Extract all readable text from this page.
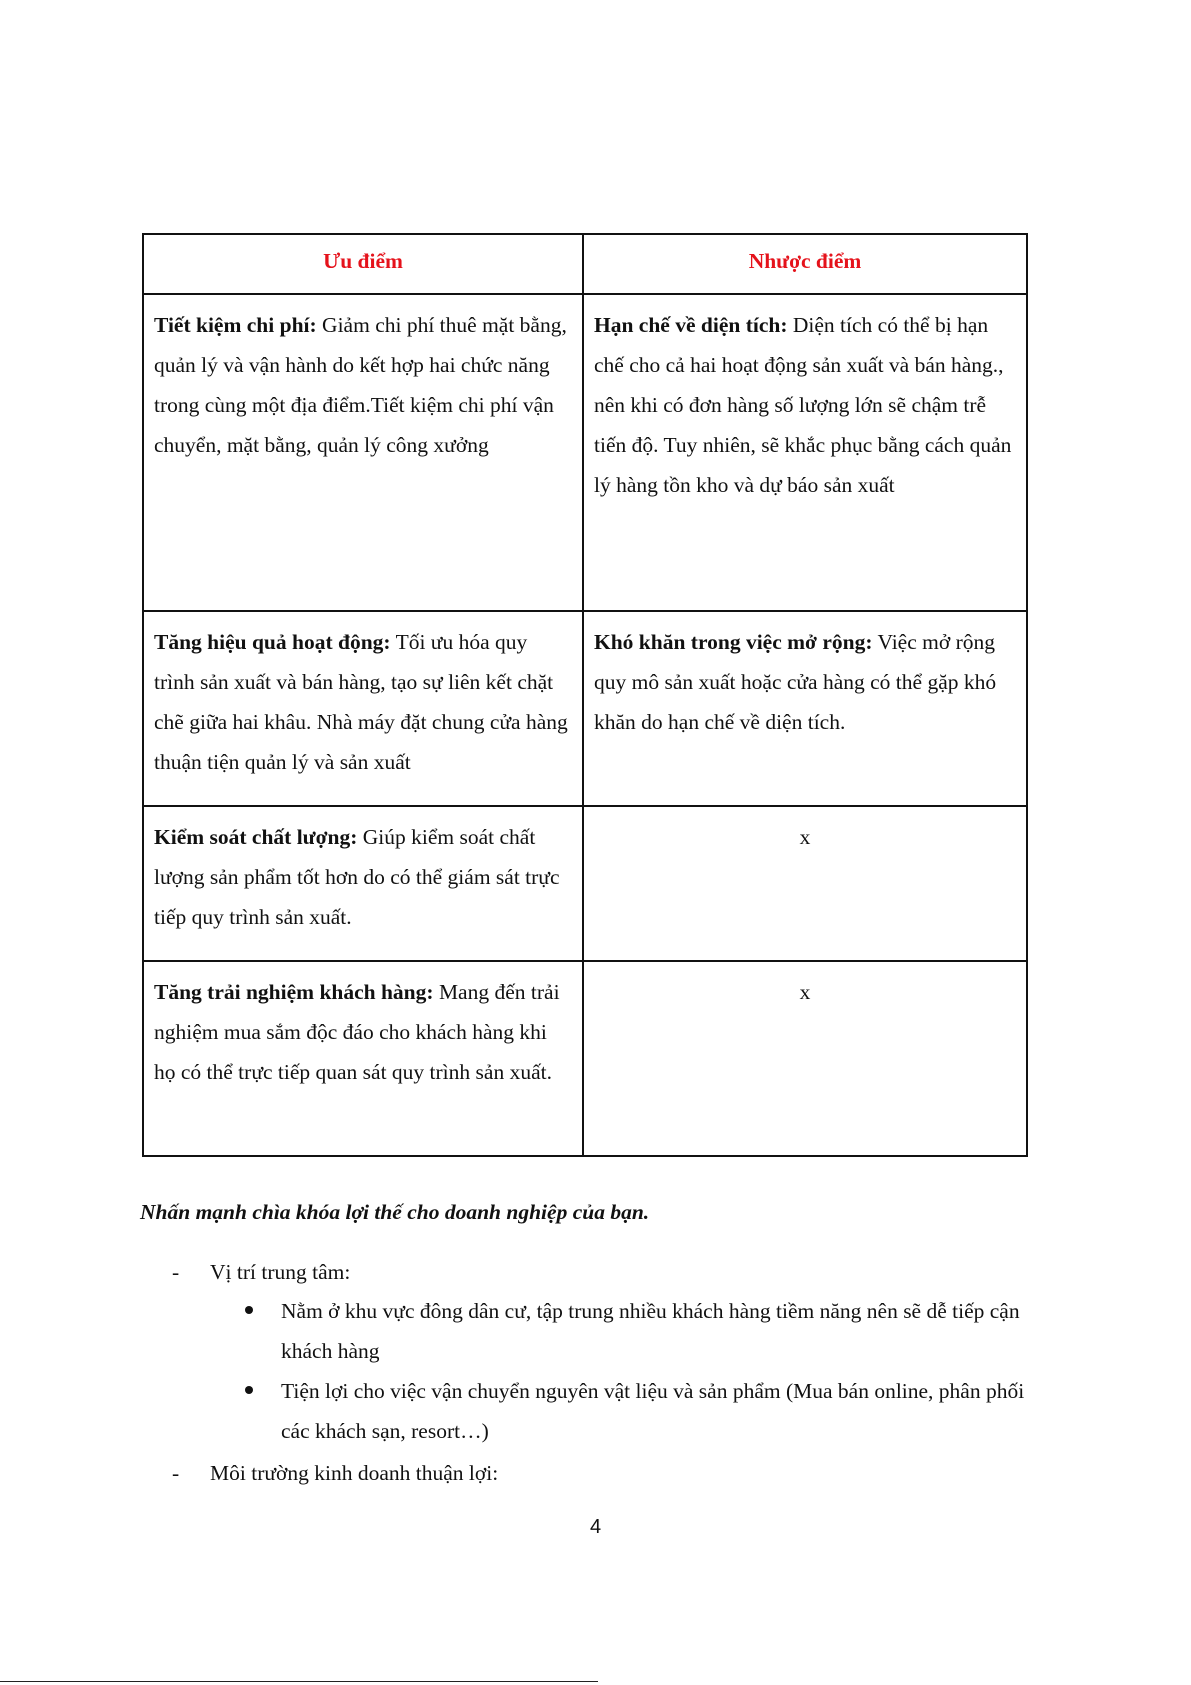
Ưu điểm	Nhược điểm
Tiết kiệm chi phí: Giảm chi phí thuê mặt bằng, quản lý và vận hành do kết hợp hai chức năng trong cùng một địa điểm.Tiết kiệm chi phí vận chuyển, mặt bằng, quản lý công xưởng	Hạn chế về diện tích: Diện tích có thể bị hạn chế cho cả hai hoạt động sản xuất và bán hàng., nên khi có đơn hàng số lượng lớn sẽ chậm trễ tiến độ. Tuy nhiên, sẽ khắc phục bằng cách quản lý hàng tồn kho và dự báo sản xuất
Tăng hiệu quả hoạt động: Tối ưu hóa quy trình sản xuất và bán hàng, tạo sự liên kết chặt chẽ giữa hai khâu. Nhà máy đặt chung cửa hàng thuận tiện quản lý và sản xuất	Khó khăn trong việc mở rộng: Việc mở rộng quy mô sản xuất hoặc cửa hàng có thể gặp khó khăn do hạn chế về diện tích.
Kiểm soát chất lượng: Giúp kiểm soát chất lượng sản phẩm tốt hơn do có thể giám sát trực tiếp quy trình sản xuất.	x
Tăng trải nghiệm khách hàng: Mang đến trải nghiệm mua sắm độc đáo cho khách hàng khi họ có thể trực tiếp quan sát quy trình sản xuất.	x

Nhấn mạnh chìa khóa lợi thế cho doanh nghiệp của bạn.

- Vị trí trung tâm:
Nằm ở khu vực đông dân cư, tập trung nhiều khách hàng tiềm năng nên sẽ dễ tiếp cận khách hàng
Tiện lợi cho việc vận chuyển nguyên vật liệu và sản phẩm (Mua bán online, phân phối các khách sạn, resort…)
- Môi trường kinh doanh thuận lợi:
4
